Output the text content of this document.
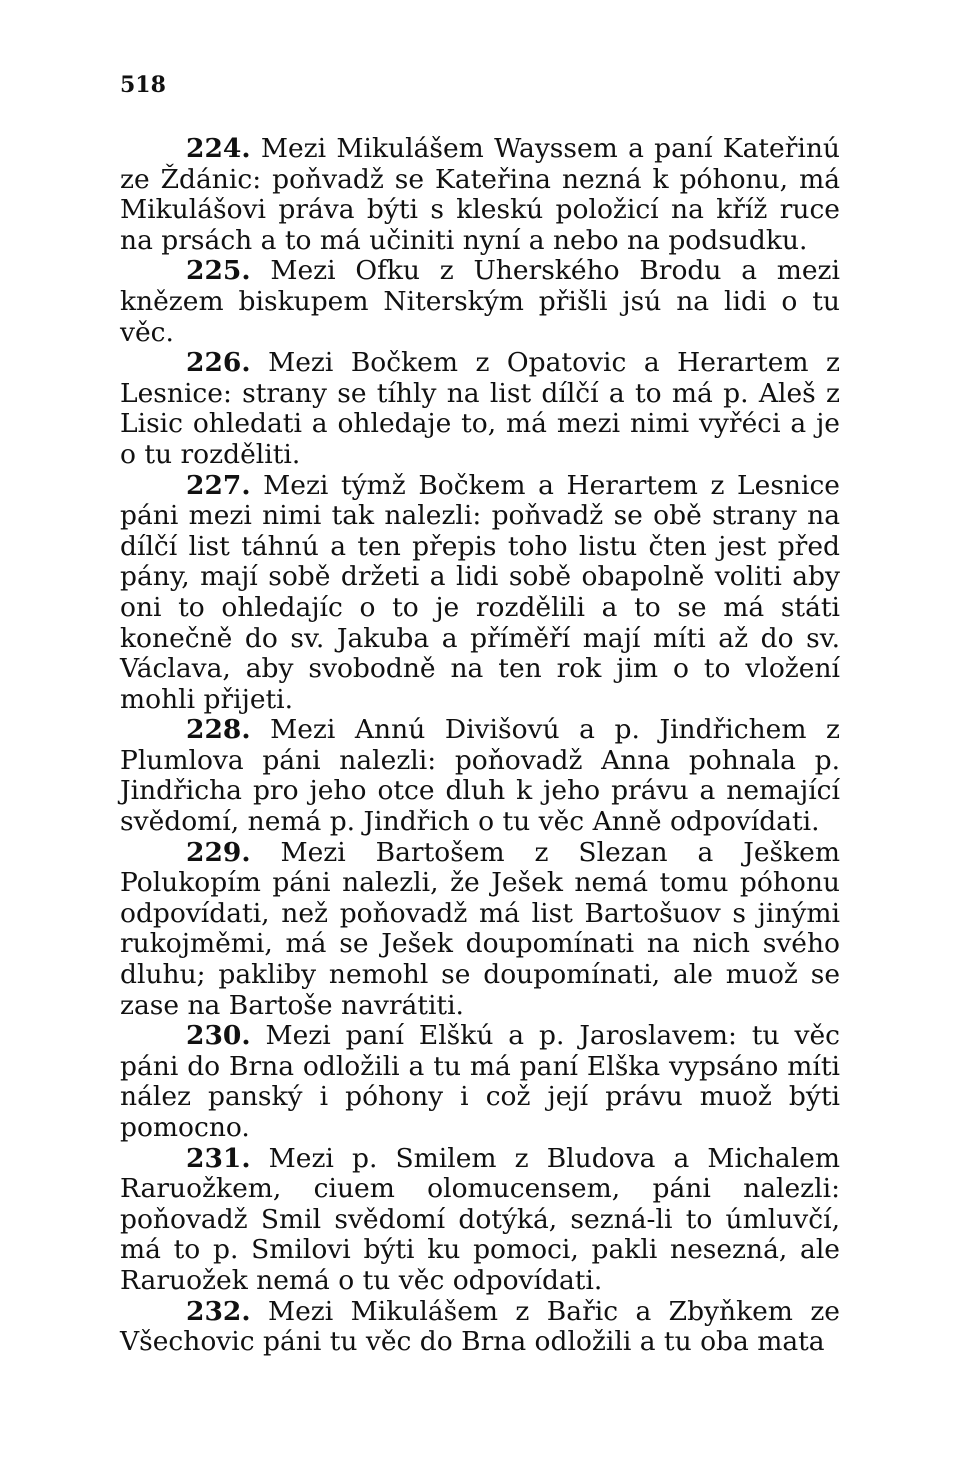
518

224. Mezi Mikulášem Wayssem a paní Kateřinú ze Ždánic: poňvadž se Kateřina nezná k póhonu, má Mikulášovi práva býti s kleskú položicí na kříž ruce na prsách a to má učiniti nyní a nebo na podsudku.

225. Mezi Ofku z Uherského Brodu a mezi knězem biskupem Niterským přišli jsú na lidi o tu věc.

226. Mezi Bočkem z Opatovic a Herartem z Lesnice: strany se tíhly na list dílčí a to má p. Aleš z Lisic ohledati a ohledaje to, má mezi nimi vyřéci a je o tu rozděliti.

227. Mezi týmž Bočkem a Herartem z Lesnice páni mezi nimi tak nalezli: poňvadž se obě strany na dílčí list táhnú a ten přepis toho listu čten jest před pány, mají sobě držeti a lidi sobě obapolně voliti aby oni to ohledajíc o to je rozdělili a to se má státi konečně do sv. Jakuba a příměří mají míti až do sv. Václava, aby svobodně na ten rok jim o to vložení mohli přijeti.

228. Mezi Annú Divišovú a p. Jindřichem z Plumlova páni nalezli: poňovadž Anna pohnala p. Jindřicha pro jeho otce dluh k jeho právu a nemající svědomí, nemá p. Jindřich o tu věc Anně odpovídati.

229. Mezi Bartošem z Slezan a Ješkem Polukopím páni nalezli, že Ješek nemá tomu póhonu odpovídati, než poňovadž má list Bartošuov s jinými rukojměmi, má se Ješek doupomínati na nich svého dluhu; pakliby nemohl se doupomínati, ale muož se zase na Bartoše navrátiti.

230. Mezi paní Elškú a p. Jaroslavem: tu věc páni do Brna odložili a tu má paní Elška vypsáno míti nález panský i póhony i což její právu muož býti pomocno.

231. Mezi p. Smilem z Bludova a Michalem Raruožkem, ciuem olomucensem, páni nalezli: poňovadž Smil svědomí dotýká, sezná-li to úmluvčí, má to p. Smilovi býti ku pomoci, pakli nesezná, ale Raruožek nemá o tu věc odpovídati.

232. Mezi Mikulášem z Bařic a Zbyňkem ze Všechovic páni tu věc do Brna odložili a tu oba mata
